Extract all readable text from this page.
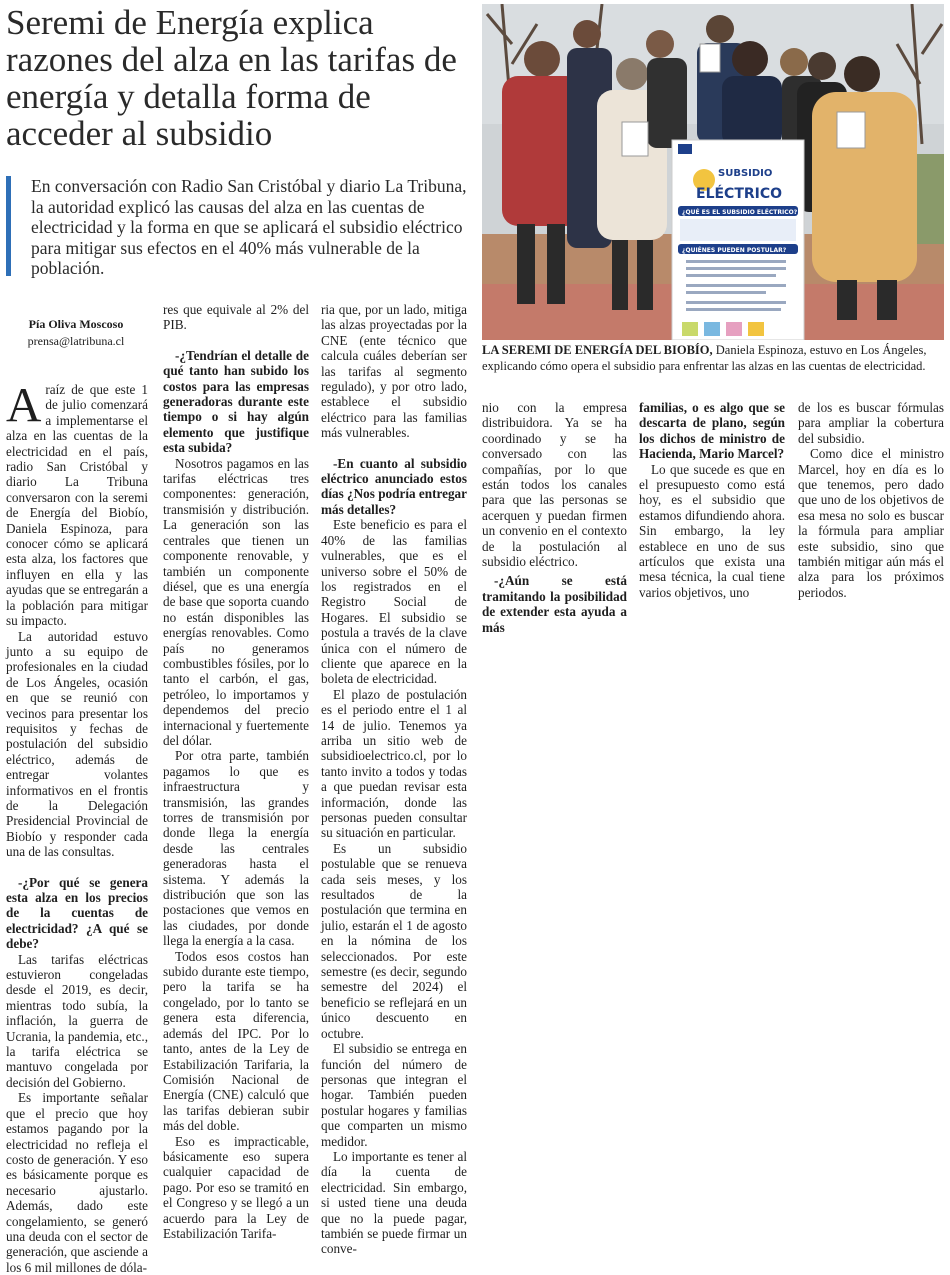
Seremi de Energía explica razones del alza en las tarifas de energía y detalla forma de acceder al subsidio
En conversación con Radio San Cristóbal y diario La Tribuna, la autoridad explicó las causas del alza en las cuentas de electricidad y la forma en que se aplicará el subsidio eléctrico para mitigar sus efectos en el 40% más vulnerable de la población.
Pía Oliva Moscoso
prensa@latribuna.cl
SUBSIDIO
ELÉCTRICO
¿QUÉ ES EL SUBSIDIO ELÉCTRICO?
¿QUIÉNES PUEDEN POSTULAR?
LA SEREMI DE ENERGÍA DEL BIOBÍO, Daniela Espinoza, estuvo en Los Ángeles, explicando cómo opera el subsidio para enfrentar las alzas en las cuentas de electricidad.

Araíz de que este 1 de julio comenzará a implementarse el alza en las cuentas de la electricidad en el país, radio San Cristóbal y diario La Tribuna conversaron con la seremi de Energía del Biobío, Daniela Espinoza, para conocer cómo se aplicará esta alza, los factores que influyen en ella y las ayudas que se entregarán a la población para mitigar su impacto.

La autoridad estuvo junto a su equipo de profesionales en la ciudad de Los Ángeles, ocasión en que se reunió con vecinos para presentar los requisitos y fechas de postulación del subsidio eléctrico, además de entregar volantes informativos en el frontis de la Delegación Presidencial Provincial de Biobío y responder cada una de las consultas.

-¿Por qué se genera esta alza en los precios de la cuentas de electricidad? ¿A qué se debe?

Las tarifas eléctricas estuvieron congeladas desde el 2019, es decir, mientras todo subía, la inflación, la guerra de Ucrania, la pandemia, etc., la tarifa eléctrica se mantuvo congelada por decisión del Gobierno.

Es importante señalar que el precio que hoy estamos pagando por la electricidad no refleja el costo de generación. Y eso es básicamente porque es necesario ajustarlo. Además, dado este congelamiento, se generó una deuda con el sector de generación, que asciende a los 6 mil millones de dóla-

res que equivale al 2% del PIB.

-¿Tendrían el detalle de qué tanto han subido los costos para las empresas generadoras durante este tiempo o si hay algún elemento que justifique esta subida?

Nosotros pagamos en las tarifas eléctricas tres componentes: generación, transmisión y distribución. La generación son las centrales que tienen un componente renovable, y también un componente diésel, que es una energía de base que soporta cuando no están disponibles las energías renovables. Como país no generamos combustibles fósiles, por lo tanto el carbón, el gas, petróleo, lo importamos y dependemos del precio internacional y fuertemente del dólar.

Por otra parte, también pagamos lo que es infraestructura y transmisión, las grandes torres de transmisión por donde llega la energía desde las centrales generadoras hasta el sistema. Y además la distribución que son las postaciones que vemos en las ciudades, por donde llega la energía a la casa.

Todos esos costos han subido durante este tiempo, pero la tarifa se ha congelado, por lo tanto se genera esta diferencia, además del IPC. Por lo tanto, antes de la Ley de Estabilización Tarifaria, la Comisión Nacional de Energía (CNE) calculó que las tarifas debieran subir más del doble.

Eso es impracticable, básicamente eso supera cualquier capacidad de pago. Por eso se tramitó en el Congreso y se llegó a un acuerdo para la Ley de Estabilización Tarifa-

ria que, por un lado, mitiga las alzas proyectadas por la CNE (ente técnico que calcula cuáles deberían ser las tarifas al segmento regulado), y por otro lado, establece el subsidio eléctrico para las familias más vulnerables.

-En cuanto al subsidio eléctrico anunciado estos días ¿Nos podría entregar más detalles?

Este beneficio es para el 40% de las familias vulnerables, que es el universo sobre el 50% de los registrados en el Registro Social de Hogares. El subsidio se postula a través de la clave única con el número de cliente que aparece en la boleta de electricidad.

El plazo de postulación es el periodo entre el 1 al 14 de julio. Tenemos ya arriba un sitio web de subsidioelectrico.cl, por lo tanto invito a todos y todas a que puedan revisar esta información, donde las personas pueden consultar su situación en particular.

Es un subsidio postulable que se renueva cada seis meses, y los resultados de la postulación que termina en julio, estarán el 1 de agosto en la nómina de los seleccionados. Por este semestre (es decir, segundo semestre del 2024) el beneficio se reflejará en un único descuento en octubre.

El subsidio se entrega en función del número de personas que integran el hogar. También pueden postular hogares y familias que comparten un mismo medidor.

Lo importante es tener al día la cuenta de electricidad. Sin embargo, si usted tiene una deuda que no la puede pagar, también se puede firmar un conve-

nio con la empresa distribuidora. Ya se ha coordinado y se ha conversado con las compañías, por lo que están todos los canales para que las personas se acerquen y puedan firmen un convenio en el contexto de la postulación al subsidio eléctrico.

-¿Aún se está tramitando la posibilidad de extender esta ayuda a más

familias, o es algo que se descarta de plano, según los dichos de ministro de Hacienda, Mario Marcel?

Lo que sucede es que en el presupuesto como está hoy, es el subsidio que estamos difundiendo ahora. Sin embargo, la ley establece en uno de sus artículos que exista una mesa técnica, la cual tiene varios objetivos, uno

de los es buscar fórmulas para ampliar la cobertura del subsidio.

Como dice el ministro Marcel, hoy en día es lo que tenemos, pero dado que uno de los objetivos de esa mesa no solo es buscar la fórmula para ampliar este subsidio, sino que también mitigar aún más el alza para los próximos periodos.
